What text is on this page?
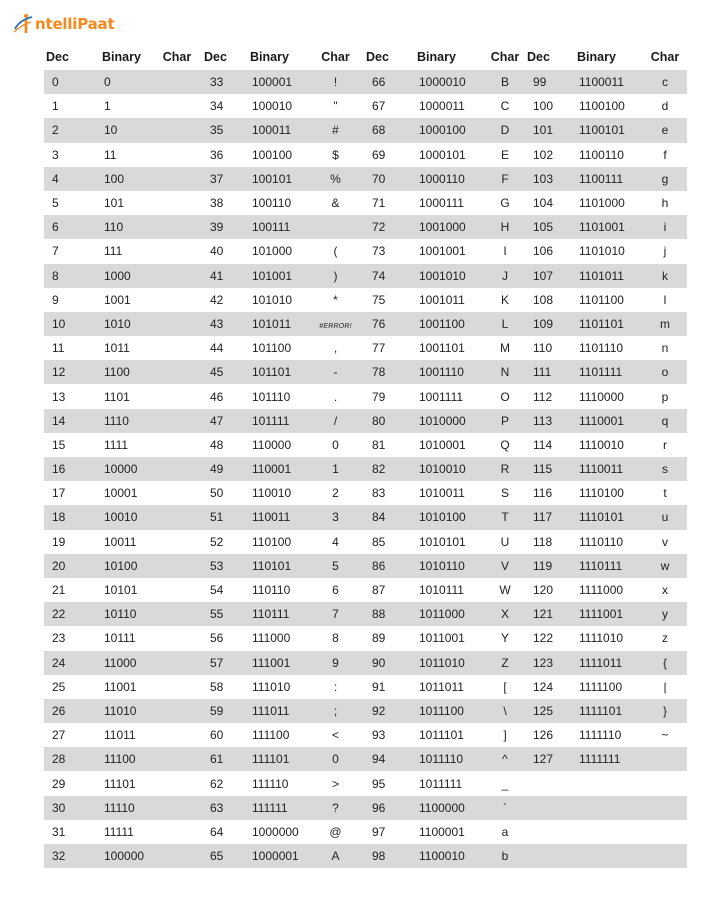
ntelliPaat
Dec	Binary	Char	Dec	Binary	Char	Dec	Binary	Char	Dec	Binary	Char
0	0		33	100001	!	66	1000010	B	99	1100011	c
1	1		34	100010	"	67	1000011	C	100	1100100	d
2	10		35	100011	#	68	1000100	D	101	1100101	e
3	11		36	100100	$	69	1000101	E	102	1100110	f
4	100		37	100101	%	70	1000110	F	103	1100111	g
5	101		38	100110	&	71	1000111	G	104	1101000	h
6	110		39	100111		72	1001000	H	105	1101001	i
7	111		40	101000	(	73	1001001	I	106	1101010	j
8	1000		41	101001	)	74	1001010	J	107	1101011	k
9	1001		42	101010	*	75	1001011	K	108	1101100	l
10	1010		43	101011	#ERROR!	76	1001100	L	109	1101101	m
11	1011		44	101100	,	77	1001101	M	110	1101110	n
12	1100		45	101101	-	78	1001110	N	111	1101111	o
13	1101		46	101110	.	79	1001111	O	112	1110000	p
14	1110		47	101111	/	80	1010000	P	113	1110001	q
15	1111		48	110000	0	81	1010001	Q	114	1110010	r
16	10000		49	110001	1	82	1010010	R	115	1110011	s
17	10001		50	110010	2	83	1010011	S	116	1110100	t
18	10010		51	110011	3	84	1010100	T	117	1110101	u
19	10011		52	110100	4	85	1010101	U	118	1110110	v
20	10100		53	110101	5	86	1010110	V	119	1110111	w
21	10101		54	110110	6	87	1010111	W	120	1111000	x
22	10110		55	110111	7	88	1011000	X	121	1111001	y
23	10111		56	111000	8	89	1011001	Y	122	1111010	z
24	11000		57	111001	9	90	1011010	Z	123	1111011	{
25	11001		58	111010	:	91	1011011	[	124	1111100	|
26	11010		59	111011	;	92	1011100	\	125	1111101	}
27	11011		60	111100	<	93	1011101	]	126	1111110	~
28	11100		61	111101	0	94	1011110	^	127	1111111	
29	11101		62	111110	>	95	1011111	_			
30	11110		63	111111	?	96	1100000	`			
31	11111		64	1000000	@	97	1100001	a			
32	100000		65	1000001	A	98	1100010	b			
